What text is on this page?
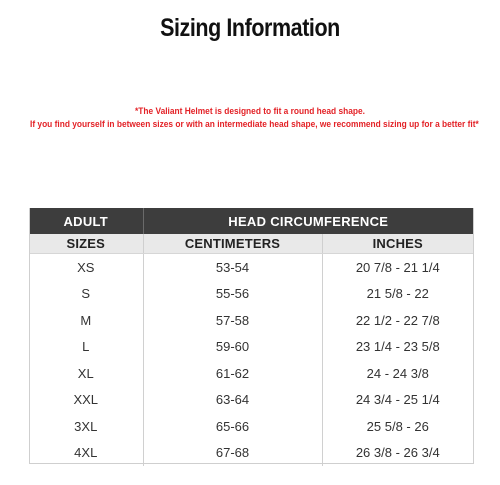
Sizing Information
*The Valiant Helmet is designed to fit a round head shape.
If you find yourself in between sizes or with an intermediate head shape, we recommend sizing up for a better fit*
ADULT	HEAD CIRCUMFERENCE	
SIZES	CENTIMETERS	INCHES
XS	53-54	20 7/8 - 21 1/4
S	55-56	21 5/8 - 22
M	57-58	22 1/2 - 22 7/8
L	59-60	23 1/4 - 23 5/8
XL	61-62	24 - 24 3/8
XXL	63-64	24 3/4 - 25 1/4
3XL	65-66	25 5/8 - 26
4XL	67-68	26 3/8 - 26 3/4
